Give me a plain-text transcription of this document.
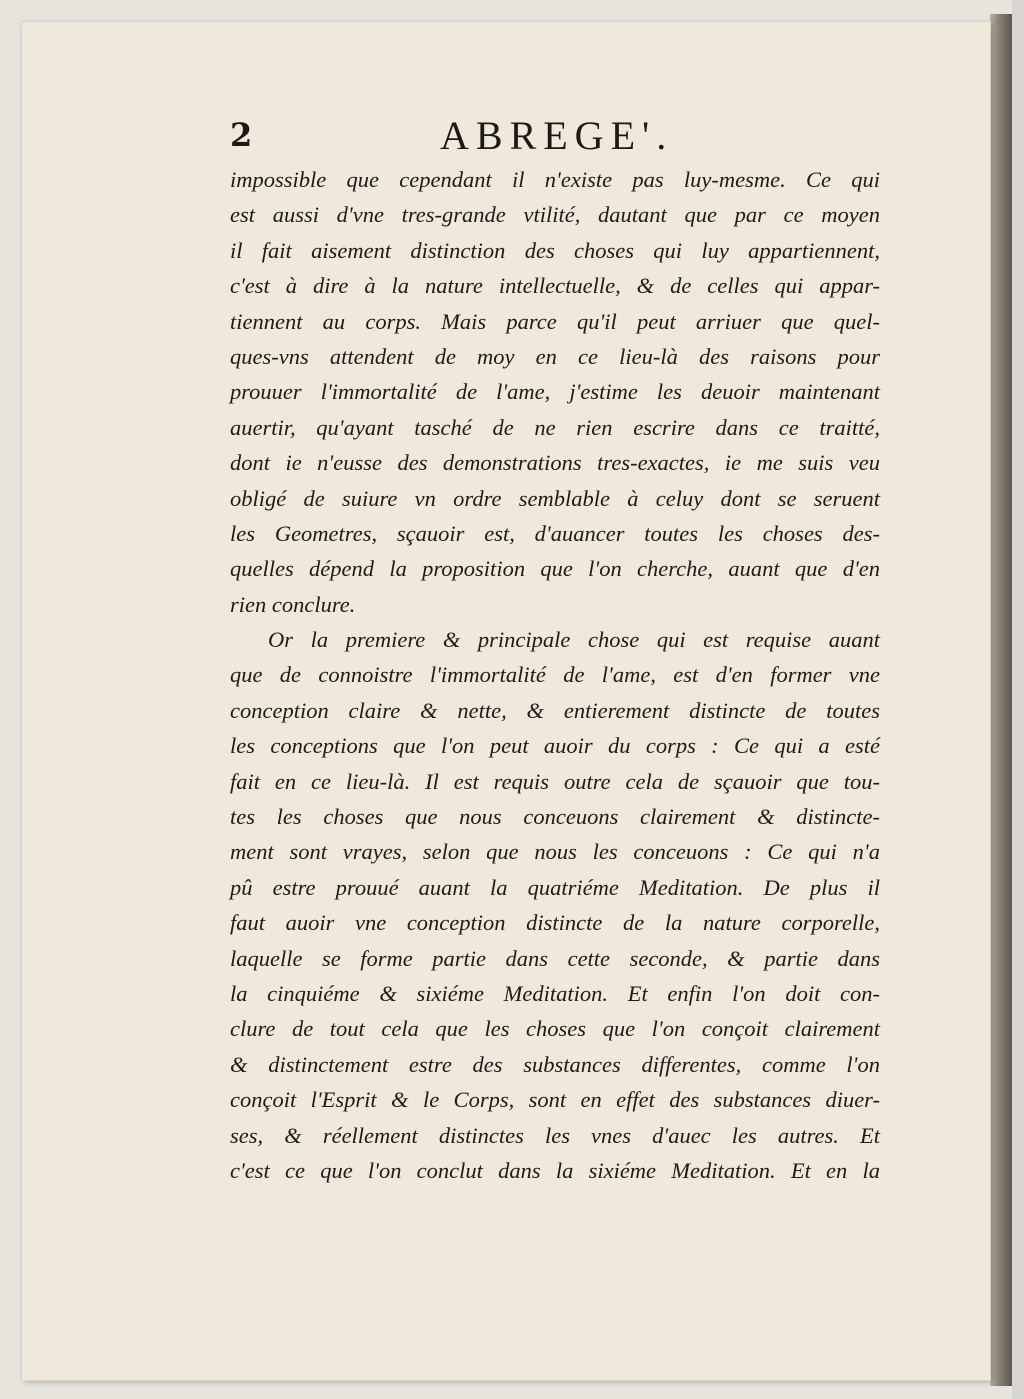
2	ABREGE'.
impossible que cependant il n'existe pas luy-mesme. Ce qui
est aussi d'vne tres-grande vtilité, dautant que par ce moyen
il fait aisement distinction des choses qui luy appartiennent,
c'est à dire à la nature intellectuelle, & de celles qui appar-
tiennent au corps. Mais parce qu'il peut arriuer que quel-
ques-vns attendent de moy en ce lieu-là des raisons pour
prouuer l'immortalité de l'ame, j'estime les deuoir maintenant
auertir, qu'ayant tasché de ne rien escrire dans ce traitté,
dont ie n'eusse des demonstrations tres-exactes, ie me suis veu
obligé de suiure vn ordre semblable à celuy dont se seruent
les Geometres, sçauoir est, d'auancer toutes les choses des-
quelles dépend la proposition que l'on cherche, auant que d'en
rien conclure.
Or la premiere & principale chose qui est requise auant
que de connoistre l'immortalité de l'ame, est d'en former vne
conception claire & nette, & entierement distincte de toutes
les conceptions que l'on peut auoir du corps : Ce qui a esté
fait en ce lieu-là. Il est requis outre cela de sçauoir que tou-
tes les choses que nous conceuons clairement & distincte-
ment sont vrayes, selon que nous les conceuons : Ce qui n'a
pû estre prouué auant la quatriéme Meditation. De plus il
faut auoir vne conception distincte de la nature corporelle,
laquelle se forme partie dans cette seconde, & partie dans
la cinquiéme & sixiéme Meditation. Et enfin l'on doit con-
clure de tout cela que les choses que l'on conçoit clairement
& distinctement estre des substances differentes, comme l'on
conçoit l'Esprit & le Corps, sont en effet des substances diuer-
ses, & réellement distinctes les vnes d'auec les autres. Et
c'est ce que l'on conclut dans la sixiéme Meditation. Et en la
